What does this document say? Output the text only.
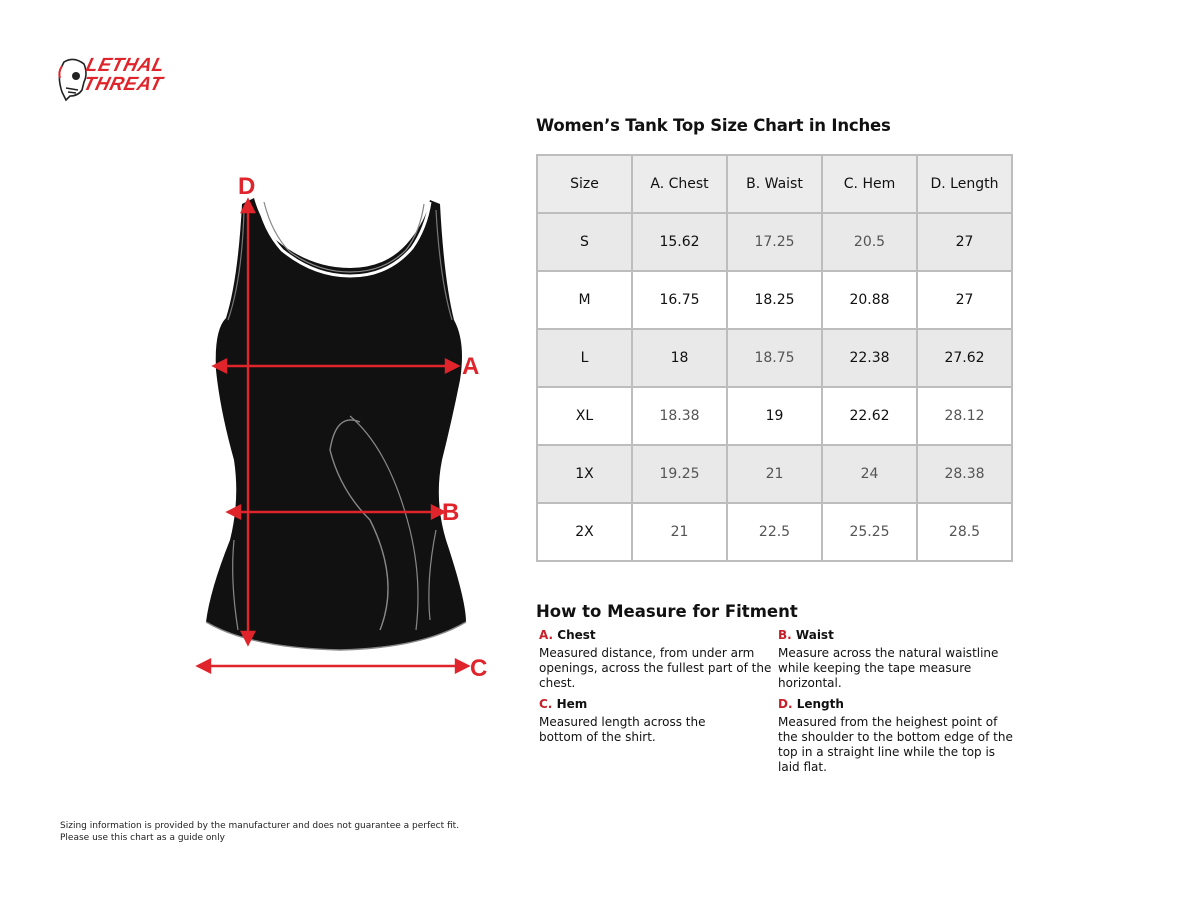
LETHAL
THREAT
D
A
B
C
Women’s Tank Top Size Chart in Inches
Size	A. Chest	B. Waist	C. Hem	D. Length
S	15.62	17.25	20.5	27
M	16.75	18.25	20.88	27
L	18	18.75	22.38	27.62
XL	18.38	19	22.62	28.12
1X	19.25	21	24	28.38
2X	21	22.5	25.25	28.5
How to Measure for Fitment
A. Chest
Measured distance, from under arm openings, across the fullest part of the chest.
B. Waist
Measure across the natural waistline while keeping the tape measure horizontal.
C. Hem
Measured length across the bottom of the shirt.
D. Length
Measured from the heighest point of the shoulder to the bottom edge of the top in a straight line while the top is laid flat.
Sizing information is provided by the manufacturer and does not guarantee a perfect fit.
Please use this chart as a guide only
